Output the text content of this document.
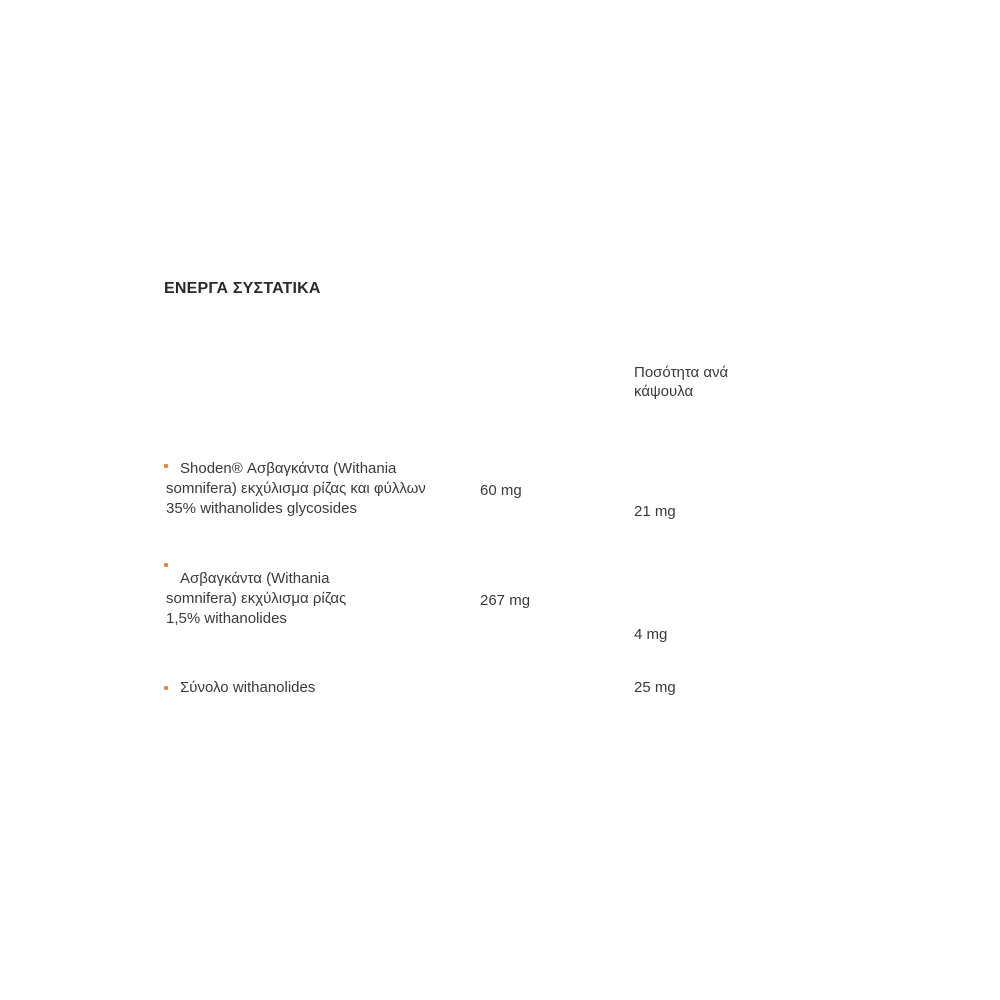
ΕΝΕΡΓΑ ΣΥΣΤΑΤΙΚΑ
Ποσότητα ανά
κάψουλα
Shoden® Ασβαγκάντα (Withania
somnifera) εκχύλισμα ρίζας και φύλλων
35% withanolides glycosides
60 mg
21 mg
Ασβαγκάντα (Withania
somnifera) εκχύλισμα ρίζας
1,5% withanolides
267 mg
4 mg
Σύνολο withanolides	25 mg
